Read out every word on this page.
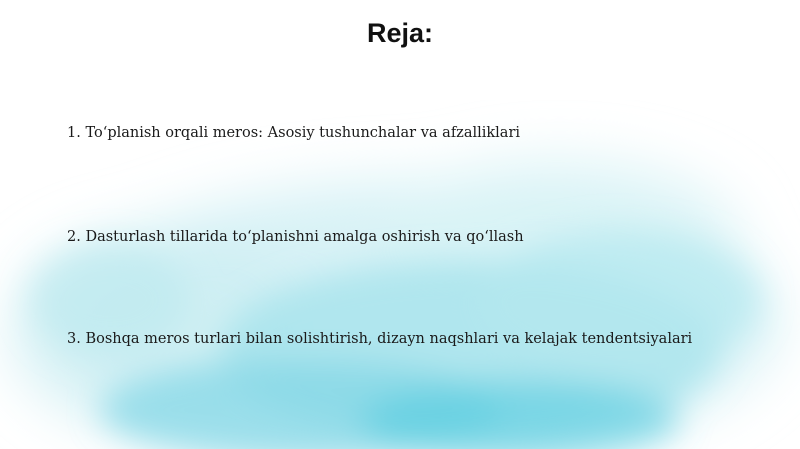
Reja:
1. To‘planish orqali meros: Asosiy tushunchalar va afzalliklari
2. Dasturlash tillarida to‘planishni amalga oshirish va qo‘llash
3. Boshqa meros turlari bilan solishtirish, dizayn naqshlari va kelajak tendentsiyalari
